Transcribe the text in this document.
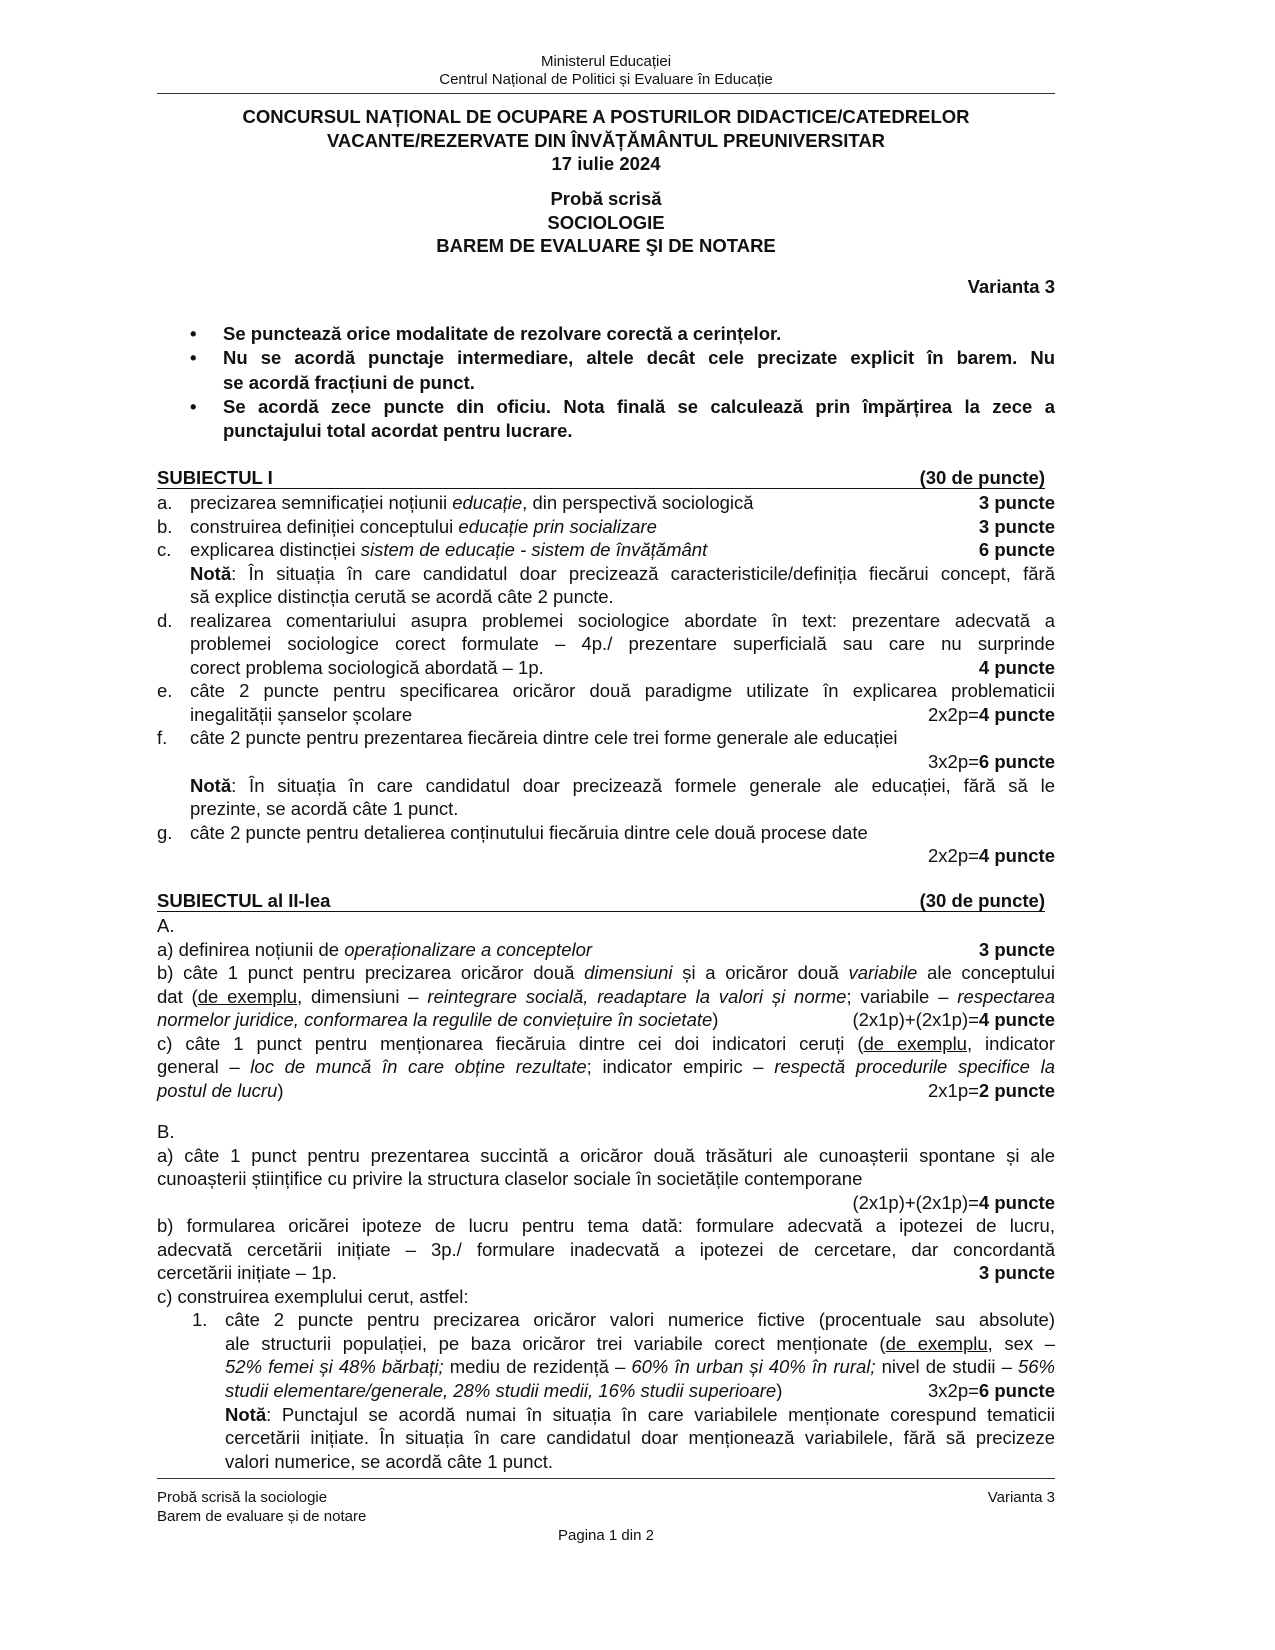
Ministerul Educației
Centrul Național de Politici și Evaluare în Educație
CONCURSUL NAȚIONAL DE OCUPARE A POSTURILOR DIDACTICE/CATEDRELOR
VACANTE/REZERVATE DIN ÎNVĂȚĂMÂNTUL PREUNIVERSITAR
17 iulie 2024
Probă scrisă
SOCIOLOGIE
BAREM DE EVALUARE ŞI DE NOTARE
Varianta 3
• Se punctează orice modalitate de rezolvare corectă a cerințelor.
• Nu se acordă punctaje intermediare, altele decât cele precizate explicit în barem. Nu
se acordă fracțiuni de punct.
• Se acordă zece puncte din oficiu. Nota finală se calculează prin împărțirea la zece a
punctajului total acordat pentru lucrare.
SUBIECTUL I	(30 de puncte)
a. precizarea semnificației noțiunii educație, din perspectivă sociologică	3 puncte
b. construirea definiției conceptului educație prin socializare	3 puncte
c. explicarea distincției sistem de educație - sistem de învățământ	6 puncte
Notă: În situația în care candidatul doar precizează caracteristicile/definiția fiecărui concept, fără
să explice distincția cerută se acordă câte 2 puncte.
d. realizarea comentariului asupra problemei sociologice abordate în text: prezentare adecvată a
problemei sociologice corect formulate – 4p./ prezentare superficială sau care nu surprinde
corect problema sociologică abordată – 1p.	4 puncte
e. câte 2 puncte pentru specificarea oricăror două paradigme utilizate în explicarea problematicii
inegalității șanselor școlare	2x2p=4 puncte
f. câte 2 puncte pentru prezentarea fiecăreia dintre cele trei forme generale ale educației
3x2p=6 puncte
Notă: În situația în care candidatul doar precizează formele generale ale educației, fără să le
prezinte, se acordă câte 1 punct.
g. câte 2 puncte pentru detalierea conținutului fiecăruia dintre cele două procese date
2x2p=4 puncte
SUBIECTUL al II-lea	(30 de puncte)
A.
a) definirea noțiunii de operaționalizare a conceptelor	3 puncte
b) câte 1 punct pentru precizarea oricăror două dimensiuni și a oricăror două variabile ale conceptului
dat (de exemplu, dimensiuni – reintegrare socială, readaptare la valori și norme; variabile – respectarea
normelor juridice, conformarea la regulile de conviețuire în societate)	(2x1p)+(2x1p)=4 puncte
c) câte 1 punct pentru menționarea fiecăruia dintre cei doi indicatori ceruți (de exemplu, indicator
general – loc de muncă în care obține rezultate; indicator empiric – respectă procedurile specifice la
postul de lucru)	2x1p=2 puncte
B.
a) câte 1 punct pentru prezentarea succintă a oricăror două trăsături ale cunoașterii spontane și ale
cunoașterii științifice cu privire la structura claselor sociale în societățile contemporane
(2x1p)+(2x1p)=4 puncte
b) formularea oricărei ipoteze de lucru pentru tema dată: formulare adecvată a ipotezei de lucru,
adecvată cercetării inițiate – 3p./ formulare inadecvată a ipotezei de cercetare, dar concordantă
cercetării inițiate – 1p.	3 puncte
c) construirea exemplului cerut, astfel:
1. câte 2 puncte pentru precizarea oricăror valori numerice fictive (procentuale sau absolute)
ale structurii populației, pe baza oricăror trei variabile corect menționate (de exemplu, sex –
52% femei și 48% bărbați; mediu de rezidență – 60% în urban și 40% în rural; nivel de studii – 56%
studii elementare/generale, 28% studii medii, 16% studii superioare)	3x2p=6 puncte
Notă: Punctajul se acordă numai în situația în care variabilele menționate corespund tematicii
cercetării inițiate. În situația în care candidatul doar menționează variabilele, fără să precizeze
valori numerice, se acordă câte 1 punct.
Probă scrisă la sociologie
Barem de evaluare și de notare
Varianta 3
Pagina 1 din 2
